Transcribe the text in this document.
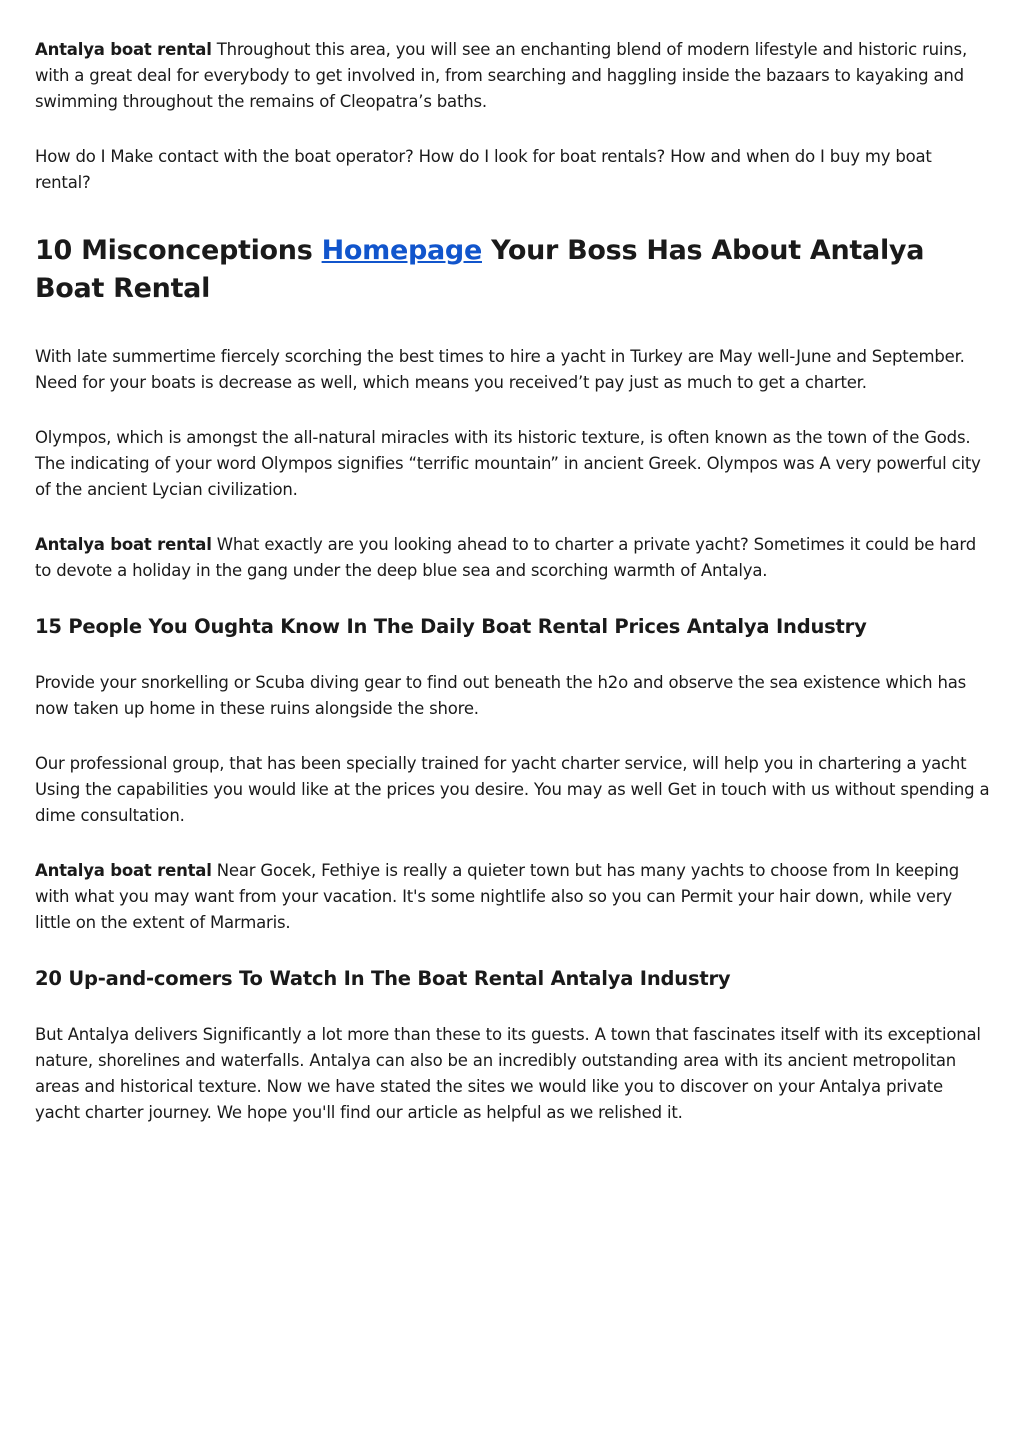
Antalya boat rental Throughout this area, you will see an enchanting blend of modern lifestyle and historic ruins, with a great deal for everybody to get involved in, from searching and haggling inside the bazaars to kayaking and swimming throughout the remains of Cleopatra’s baths.

How do I Make contact with the boat operator? How do I look for boat rentals? How and when do I buy my boat rental?

10 Misconceptions Homepage Your Boss Has About Antalya Boat Rental

With late summertime fiercely scorching the best times to hire a yacht in Turkey are May well-June and September. Need for your boats is decrease as well, which means you received’t pay just as much to get a charter.

Olympos, which is amongst the all-natural miracles with its historic texture, is often known as the town of the Gods. The indicating of your word Olympos signifies “terrific mountain” in ancient Greek. Olympos was A very powerful city of the ancient Lycian civilization.

Antalya boat rental What exactly are you looking ahead to to charter a private yacht? Sometimes it could be hard to devote a holiday in the gang under the deep blue sea and scorching warmth of Antalya.

15 People You Oughta Know In The Daily Boat Rental Prices Antalya Industry

Provide your snorkelling or Scuba diving gear to find out beneath the h2o and observe the sea existence which has now taken up home in these ruins alongside the shore.

Our professional group, that has been specially trained for yacht charter service, will help you in chartering a yacht Using the capabilities you would like at the prices you desire. You may as well Get in touch with us without spending a dime consultation.

Antalya boat rental Near Gocek, Fethiye is really a quieter town but has many yachts to choose from In keeping with what you may want from your vacation. It's some nightlife also so you can Permit your hair down, while very little on the extent of Marmaris.

20 Up-and-comers To Watch In The Boat Rental Antalya Industry

But Antalya delivers Significantly a lot more than these to its guests. A town that fascinates itself with its exceptional nature, shorelines and waterfalls. Antalya can also be an incredibly outstanding area with its ancient metropolitan areas and historical texture. Now we have stated the sites we would like you to discover on your Antalya private yacht charter journey. We hope you'll find our article as helpful as we relished it.
